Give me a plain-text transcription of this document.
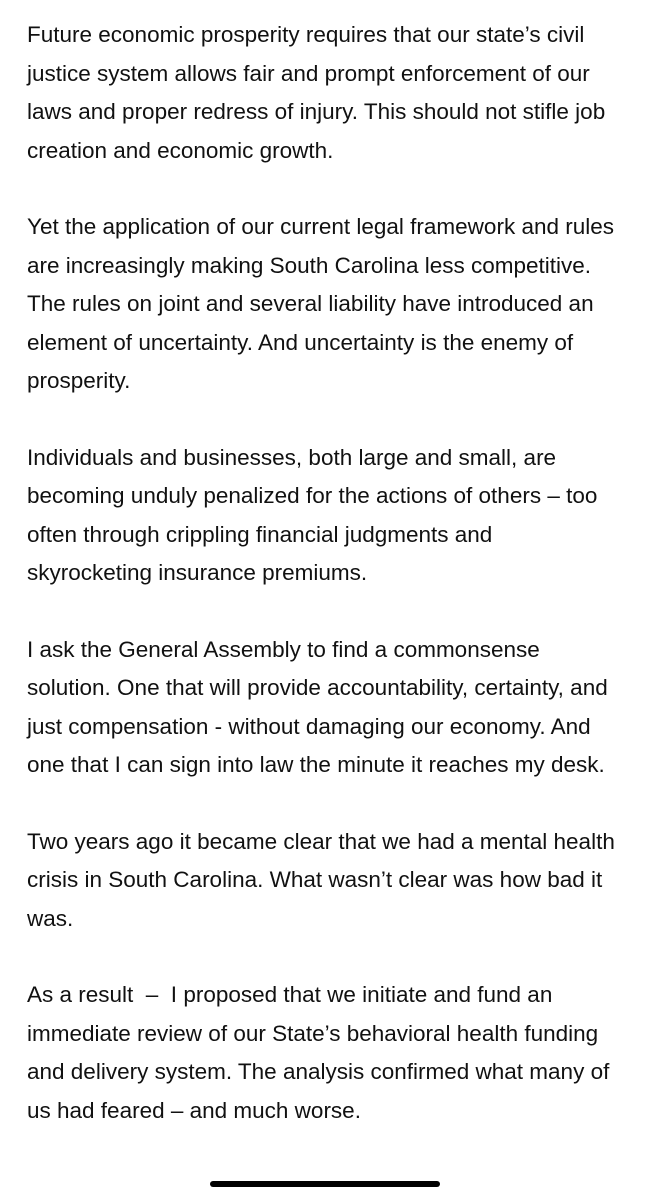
Future economic prosperity requires that our state’s civil justice system allows fair and prompt enforcement of our laws and proper redress of injury. This should not stifle job creation and economic growth.

Yet the application of our current legal framework and rules are increasingly making South Carolina less competitive. The rules on joint and several liability have introduced an element of uncertainty. And uncertainty is the enemy of prosperity.

Individuals and businesses, both large and small, are becoming unduly penalized for the actions of others – too often through crippling financial judgments and skyrocketing insurance premiums.

I ask the General Assembly to find a commonsense solution. One that will provide accountability, certainty, and just compensation - without damaging our economy. And one that I can sign into law the minute it reaches my desk.

Two years ago it became clear that we had a mental health crisis in South Carolina. What wasn’t clear was how bad it was.

As a result  –  I proposed that we initiate and fund an immediate review of our State’s behavioral health funding and delivery system. The analysis confirmed what many of us had feared – and much worse.
